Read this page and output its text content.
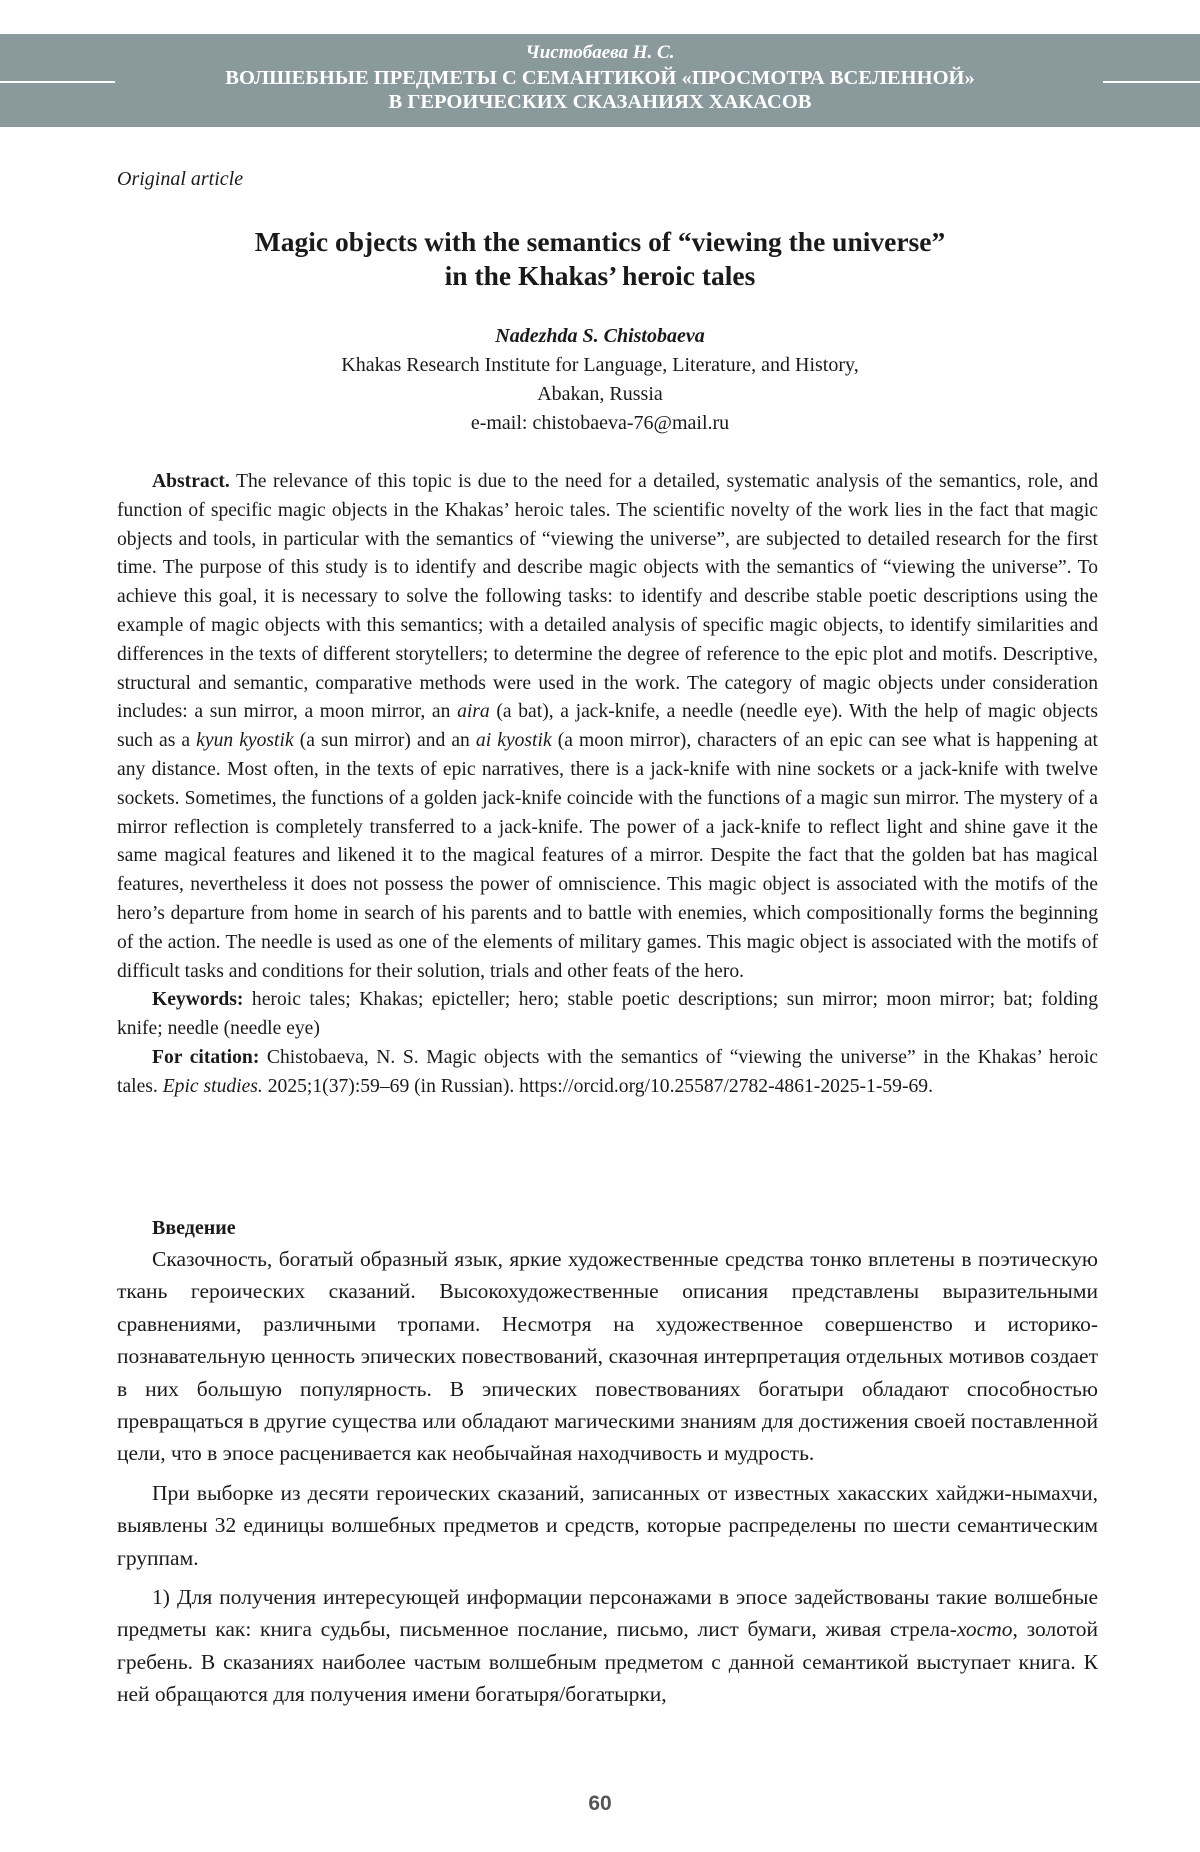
Чистобаева Н. С.
ВОЛШЕБНЫЕ ПРЕДМЕТЫ С СЕМАНТИКОЙ «ПРОСМОТРА ВСЕЛЕННОЙ»
В ГЕРОИЧЕСКИХ СКАЗАНИЯХ ХАКАСОВ
Original article
Magic objects with the semantics of “viewing the universe”
in the Khakas’ heroic tales
Nadezhda S. Chistobaeva
Khakas Research Institute for Language, Literature, and History,
Abakan, Russia
e-mail: chistobaeva-76@mail.ru

Abstract. The relevance of this topic is due to the need for a detailed, systematic analysis of the semantics, role, and function of specific magic objects in the Khakas’ heroic tales. The scientific novelty of the work lies in the fact that magic objects and tools, in particular with the semantics of “viewing the universe”, are subjected to detailed research for the first time. The purpose of this study is to identify and describe magic objects with the semantics of “viewing the universe”. To achieve this goal, it is necessary to solve the following tasks: to identify and describe stable poetic descriptions using the example of magic objects with this semantics; with a detailed analysis of specific magic objects, to identify similarities and differences in the texts of different storytellers; to determine the degree of reference to the epic plot and motifs. Descriptive, structural and semantic, comparative methods were used in the work. The category of magic objects under consideration includes: a sun mirror, a moon mirror, an aira (a bat), a jack-knife, a needle (needle eye). With the help of magic objects such as a kyun kyostik (a sun mirror) and an ai kyostik (a moon mirror), characters of an epic can see what is happening at any distance. Most often, in the texts of epic narratives, there is a jack-knife with nine sockets or a jack-knife with twelve sockets. Sometimes, the functions of a golden jack-knife coincide with the functions of a magic sun mirror. The mystery of a mirror reflection is completely transferred to a jack-knife. The power of a jack-knife to reflect light and shine gave it the same magical features and likened it to the magical features of a mirror. Despite the fact that the golden bat has magical features, nevertheless it does not possess the power of omniscience. This magic object is associated with the motifs of the hero’s departure from home in search of his parents and to battle with enemies, which compositionally forms the beginning of the action. The needle is used as one of the elements of military games. This magic object is associated with the motifs of difficult tasks and conditions for their solution, trials and other feats of the hero.

Keywords: heroic tales; Khakas; epicteller; hero; stable poetic descriptions; sun mirror; moon mirror; bat; folding knife; needle (needle eye)

For citation: Chistobaeva, N. S. Magic objects with the semantics of “viewing the universe” in the Khakas’ heroic tales. Epic studies. 2025;1(37):59–69 (in Russian). https://orcid.org/10.25587/2782-4861-2025-1-59-69.

Введение

Сказочность, богатый образный язык, яркие художественные средства тонко вплетены в поэтическую ткань героических сказаний. Высокохудожественные описания представлены выразительными сравнениями, различными тропами. Несмотря на художественное совершенство и историко-познавательную ценность эпических повествований, сказочная интерпретация отдельных мотивов создает в них большую популярность. В эпических повествованиях богатыри обладают способностью превращаться в другие существа или обладают магическими знаниям для достижения своей поставленной цели, что в эпосе расценивается как необычайная находчивость и мудрость.

При выборке из десяти героических сказаний, записанных от известных хакасских хайджи-нымахчи, выявлены 32 единицы волшебных предметов и средств, которые распределены по шести семантическим группам.

1) Для получения интересующей информации персонажами в эпосе задействованы такие волшебные предметы как: книга судьбы, письменное послание, письмо, лист бумаги, живая стрела-хосто, золотой гребень. В сказаниях наиболее частым волшебным предметом с данной семантикой выступает книга. К ней обращаются для получения имени богатыря/богатырки,

60
